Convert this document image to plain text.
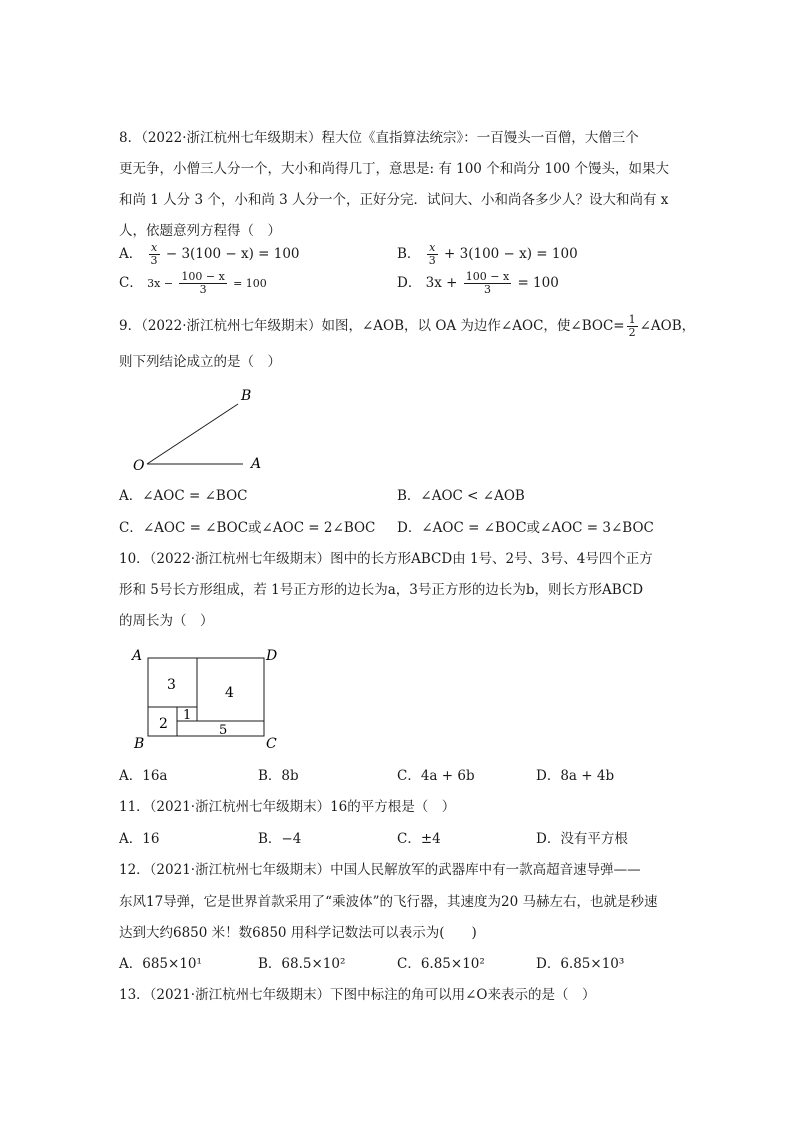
8．（2022·浙江杭州七年级期末）程大位《直指算法统宗》：一百馒头一百僧，大僧三个
更无争，小僧三人分一个，大小和尚得几丁，意思是: 有 100 个和尚分 100 个馒头，如果大
和尚 1 人分 3 个，小和尚 3 人分一个，正好分完．试问大、小和尚各多少人？设大和尚有 x
人，依题意列方程得（　）
A． $\frac{x}{3} - 3(100 - x) = 100$	B． $\frac{x}{3} + 3(100 - x) = 100$
C． $3x - \frac{100 - x}{3} = 100$	D． $3x + \frac{100 - x}{3} = 100$
9．（2022·浙江杭州七年级期末）如图，∠AOB，以 OA 为边作∠AOC，使∠BOC= $\frac{1}{2}$ ∠AOB，
则下列结论成立的是（　）
O	A
B
A．∠AOC = ∠BOC	B．∠AOC < ∠AOB
C．∠AOC = ∠BOC或∠AOC = 2∠BOC D．∠AOC = ∠BOC或∠AOC = 3∠BOC
10．（2022·浙江杭州七年级期末）图中的长方形ABCD由 1号、2号、3号、4号四个正方
形和 5号长方形组成，若 1号正方形的边长为a，3号正方形的边长为b，则长方形ABCD
的周长为（　）
A	D
B	C
3	4
2
1
5
A．16a	B．8b	C．4a + 6b	D．8a + 4b
11．（2021·浙江杭州七年级期末）16的平方根是（　）
A．16	B．−4	C．±4	D．没有平方根
12．（2021·浙江杭州七年级期末）中国人民解放军的武器库中有一款高超音速导弹——
东风17导弹，它是世界首款采用了“乘波体”的飞行器，其速度为20 马赫左右，也就是秒速
达到大约6850 米！数6850 用科学记数法可以表示为(　　)
A．685×10¹	B．68.5×10²	C．6.85×10²	D．6.85×10³
13．（2021·浙江杭州七年级期末）下图中标注的角可以用∠O来表示的是（　）
